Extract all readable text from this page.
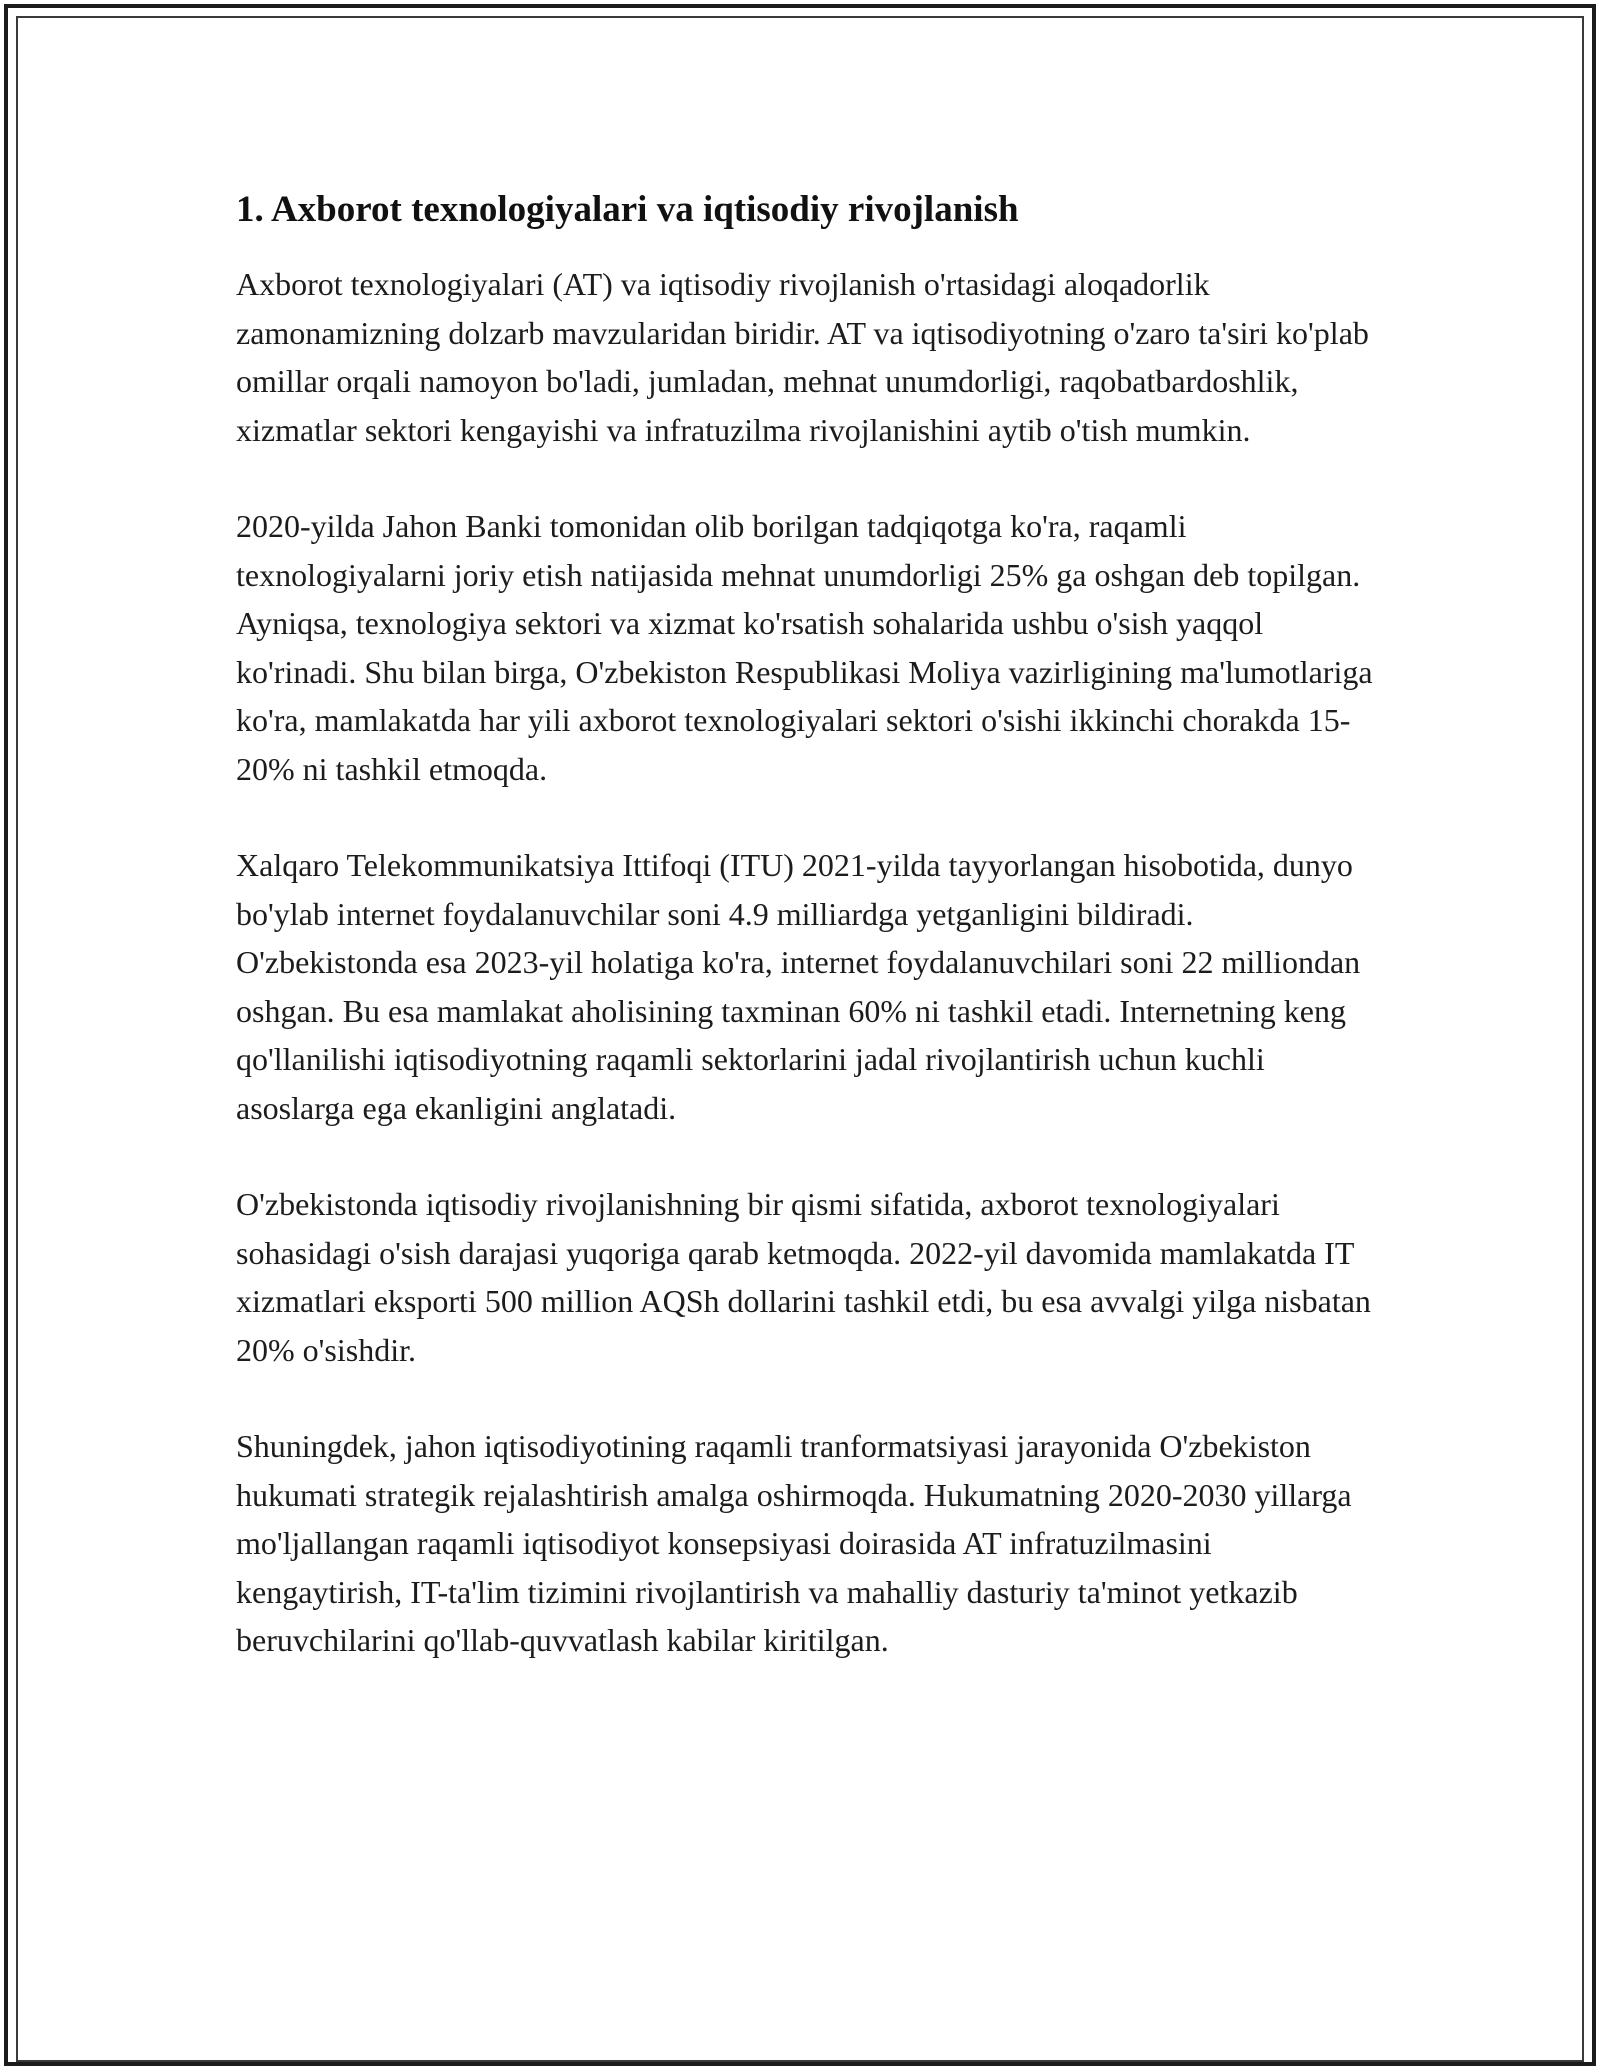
1. Axborot texnologiyalari va iqtisodiy rivojlanish

Axborot texnologiyalari (AT) va iqtisodiy rivojlanish o'rtasidagi aloqadorlik zamonamizning dolzarb mavzularidan biridir. AT va iqtisodiyotning o'zaro ta'siri ko'plab omillar orqali namoyon bo'ladi, jumladan, mehnat unumdorligi, raqobatbardoshlik, xizmatlar sektori kengayishi va infratuzilma rivojlanishini aytib o'tish mumkin.

2020-yilda Jahon Banki tomonidan olib borilgan tadqiqotga ko'ra, raqamli texnologiyalarni joriy etish natijasida mehnat unumdorligi 25% ga oshgan deb topilgan. Ayniqsa, texnologiya sektori va xizmat ko'rsatish sohalarida ushbu o'sish yaqqol ko'rinadi. Shu bilan birga, O'zbekiston Respublikasi Moliya vazirligining ma'lumotlariga ko'ra, mamlakatda har yili axborot texnologiyalari sektori o'sishi ikkinchi chorakda 15-20% ni tashkil etmoqda.

Xalqaro Telekommunikatsiya Ittifoqi (ITU) 2021-yilda tayyorlangan hisobotida, dunyo bo'ylab internet foydalanuvchilar soni 4.9 milliardga yetganligini bildiradi. O'zbekistonda esa 2023-yil holatiga ko'ra, internet foydalanuvchilari soni 22 milliondan oshgan. Bu esa mamlakat aholisining taxminan 60% ni tashkil etadi. Internetning keng qo'llanilishi iqtisodiyotning raqamli sektorlarini jadal rivojlantirish uchun kuchli asoslarga ega ekanligini anglatadi.

O'zbekistonda iqtisodiy rivojlanishning bir qismi sifatida, axborot texnologiyalari sohasidagi o'sish darajasi yuqoriga qarab ketmoqda. 2022-yil davomida mamlakatda IT xizmatlari eksporti 500 million AQSh dollarini tashkil etdi, bu esa avvalgi yilga nisbatan 20% o'sishdir.

Shuningdek, jahon iqtisodiyotining raqamli tranformatsiyasi jarayonida O'zbekiston hukumati strategik rejalashtirish amalga oshirmoqda. Hukumatning 2020-2030 yillarga mo'ljallangan raqamli iqtisodiyot konsepsiyasi doirasida AT infratuzilmasini kengaytirish, IT-ta'lim tizimini rivojlantirish va mahalliy dasturiy ta'minot yetkazib beruvchilarini qo'llab-quvvatlash kabilar kiritilgan.
